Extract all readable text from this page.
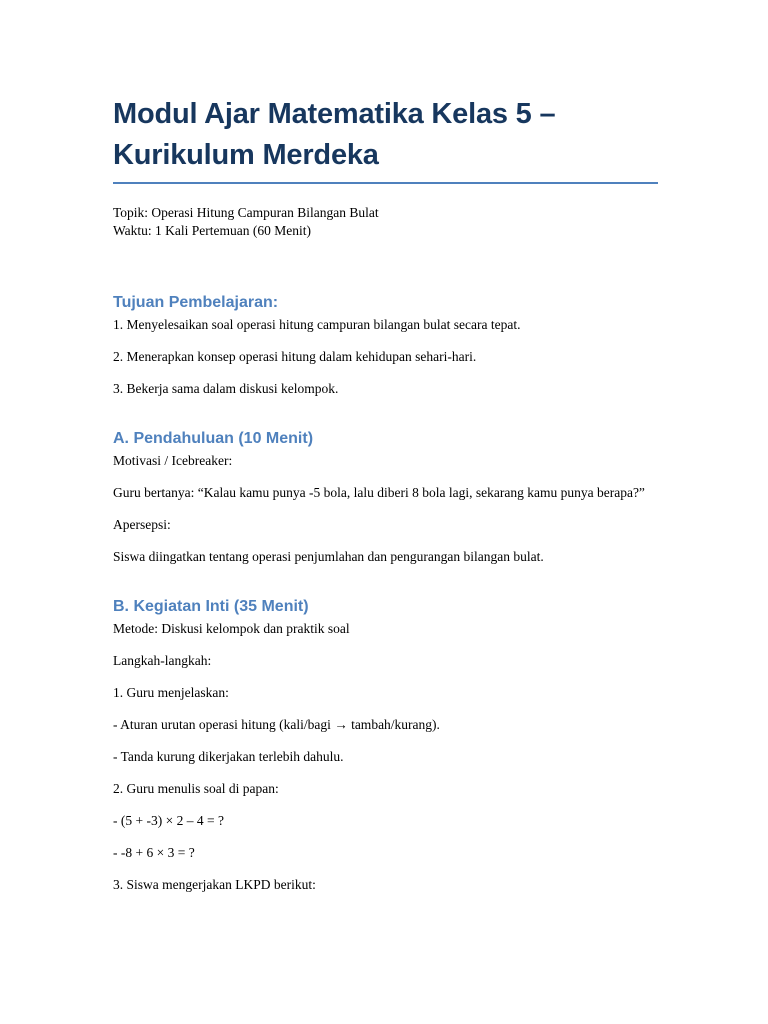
Modul Ajar Matematika Kelas 5 –
Kurikulum Merdeka

Topik: Operasi Hitung Campuran Bilangan Bulat

Waktu: 1 Kali Pertemuan (60 Menit)

Tujuan Pembelajaran:

1. Menyelesaikan soal operasi hitung campuran bilangan bulat secara tepat.

2. Menerapkan konsep operasi hitung dalam kehidupan sehari-hari.

3. Bekerja sama dalam diskusi kelompok.

A. Pendahuluan (10 Menit)

Motivasi / Icebreaker:

Guru bertanya: “Kalau kamu punya -5 bola, lalu diberi 8 bola lagi, sekarang kamu punya berapa?”

Apersepsi:

Siswa diingatkan tentang operasi penjumlahan dan pengurangan bilangan bulat.

B. Kegiatan Inti (35 Menit)

Metode: Diskusi kelompok dan praktik soal

Langkah-langkah:

1. Guru menjelaskan:

- Aturan urutan operasi hitung (kali/bagi → tambah/kurang).

- Tanda kurung dikerjakan terlebih dahulu.

2. Guru menulis soal di papan:

- (5 + -3) × 2 – 4 = ?

- -8 + 6 × 3 = ?

3. Siswa mengerjakan LKPD berikut:
